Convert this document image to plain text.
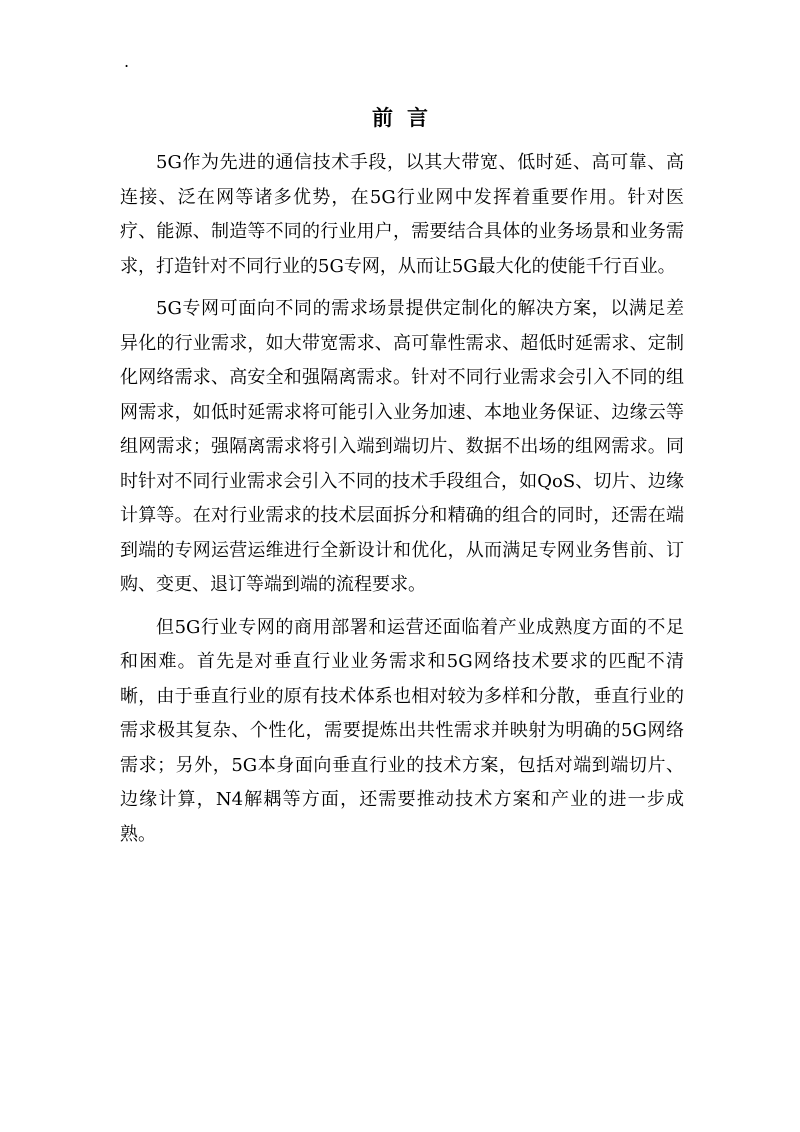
.
前言

5G作为先进的通信技术手段，以其大带宽、低时延、高可靠、高连接、泛在网等诸多优势，在5G行业网中发挥着重要作用。针对医疗、能源、制造等不同的行业用户，需要结合具体的业务场景和业务需求，打造针对不同行业的5G专网，从而让5G最大化的使能千行百业。

5G专网可面向不同的需求场景提供定制化的解决方案，以满足差异化的行业需求，如大带宽需求、高可靠性需求、超低时延需求、定制化网络需求、高安全和强隔离需求。针对不同行业需求会引入不同的组网需求，如低时延需求将可能引入业务加速、本地业务保证、边缘云等组网需求；强隔离需求将引入端到端切片、数据不出场的组网需求。同时针对不同行业需求会引入不同的技术手段组合，如QoS、切片、边缘计算等。在对行业需求的技术层面拆分和精确的组合的同时，还需在端到端的专网运营运维进行全新设计和优化，从而满足专网业务售前、订购、变更、退订等端到端的流程要求。

但5G行业专网的商用部署和运营还面临着产业成熟度方面的不足和困难。首先是对垂直行业业务需求和5G网络技术要求的匹配不清晰，由于垂直行业的原有技术体系也相对较为多样和分散，垂直行业的需求极其复杂、个性化，需要提炼出共性需求并映射为明确的5G网络需求；另外，5G本身面向垂直行业的技术方案，包括对端到端切片、边缘计算，N4解耦等方面，还需要推动技术方案和产业的进一步成熟。
